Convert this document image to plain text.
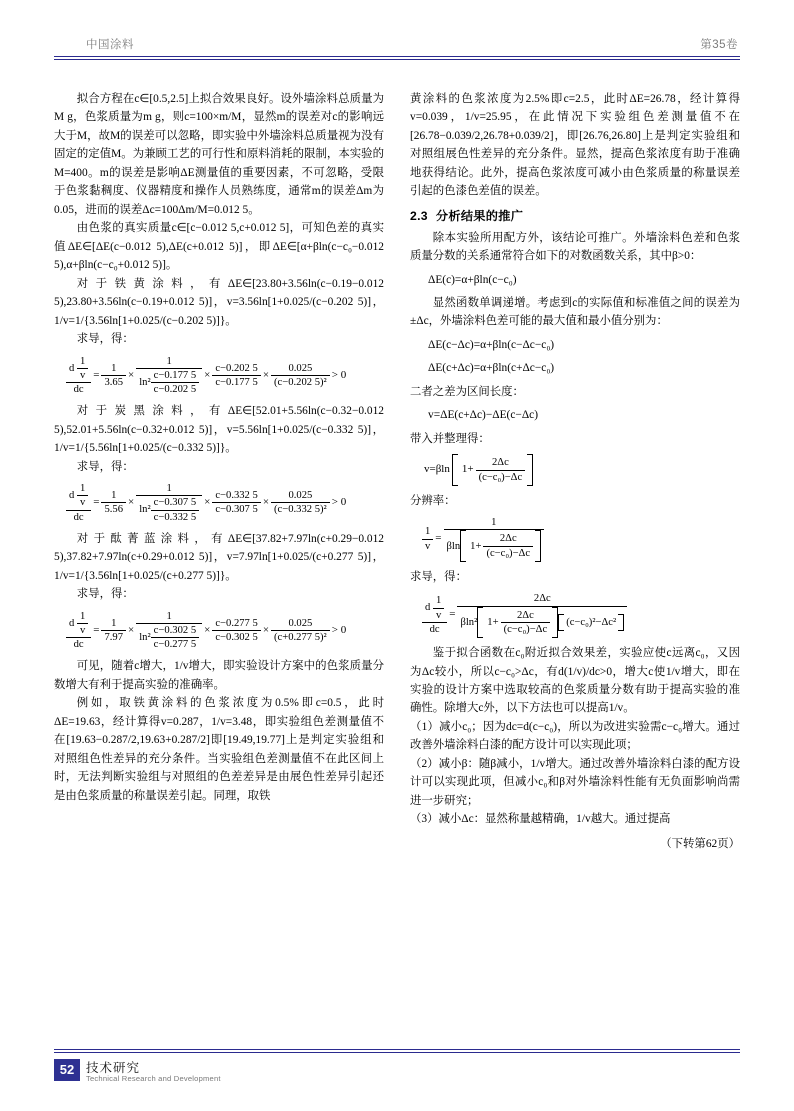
中国涂料	第35卷

拟合方程在c∈[0.5,2.5]上拟合效果良好。设外墙涂料总质量为M g，色浆质量为m g，则c=100×m/M，显然m的误差对c的影响远大于M，故M的误差可以忽略，即实验中外墙涂料总质量视为没有固定的定值M。为兼顾工艺的可行性和原料消耗的限制，本实验的M=400。m的误差是影响ΔE测量值的重要因素，不可忽略，受限于色浆黏稠度、仪器精度和操作人员熟练度，通常m的误差Δm为0.05，进而的误差Δc=100Δm/M=0.012 5。

由色浆的真实质量c∈[c−0.012 5,c+0.012 5]，可知色差的真实值ΔE∈[ΔE(c−0.012 5),ΔE(c+0.012 5)]，即ΔE∈[α+βln(c−c₀−0.012 5),α+βln(c−c₀+0.012 5)]。

对于铁黄涂料，有ΔE∈[23.80+3.56ln(c−0.19−0.012 5),23.80+3.56ln(c−0.19+0.012 5)]，v=3.56ln[1+0.025/(c−0.202 5)]，1/v=1/{3.56ln[1+0.025/(c−0.202 5)]}。

求导，得：

$\frac{d \frac{1}{v}}{dc} = \frac{1}{3.65} \times \frac{1}{\ln^2 \frac{c-0.177 5}{c-0.202 5}} \times \frac{c-0.202 5}{c-0.177 5} \times \frac{0.025}{\text{(c−0.202 5)²}} > 0$

对于炭黑涂料，有ΔE∈[52.01+5.56ln(c−0.32−0.012 5),52.01+5.56ln(c−0.32+0.012 5)]，v=5.56ln[1+0.025/(c−0.332 5)]，1/v=1/{5.56ln[1+0.025/(c−0.332 5)]}。

求导，得：

$\frac{d \frac{1}{v}}{dc} = \frac{1}{5.56} \times \frac{1}{\ln^2 \frac{c-0.307 5}{c-0.332 5}} \times \frac{c-0.332 5}{c-0.307 5} \times \frac{0.025}{\text{(c−0.332 5)²}} > 0$

对于酞菁蓝涂料，有ΔE∈[37.82+7.97ln(c+0.29−0.012 5),37.82+7.97ln(c+0.29+0.012 5)]，v=7.97ln[1+0.025/(c+0.277 5)]，1/v=1/{3.56ln[1+0.025/(c+0.277 5)]}。

求导，得：

$\frac{d \frac{1}{v}}{dc} = \frac{1}{7.97} \times \frac{1}{\ln^2 \frac{c-0.302 5}{c-0.277 5}} \times \frac{c-0.277 5}{c-0.302 5} \times \frac{0.025}{\text{(c+0.277 5)²}} > 0$

可见，随着c增大，1/v增大，即实验设计方案中的色浆质量分数增大有利于提高实验的准确率。

例如，取铁黄涂料的色浆浓度为0.5%即c=0.5，此时ΔE=19.63，经计算得v=0.287，1/v=3.48，即实验组色差测量值不在[19.63−0.287/2,19.63+0.287/2]即[19.49,19.77]上是判定实验组和对照组色性差异的充分条件。当实验组色差测量值不在此区间上时，无法判断实验组与对照组的色差差异是由展色性差异引起还是由色浆质量的称量误差引起。同理，取铁

黄涂料的色浆浓度为2.5%即c=2.5，此时ΔE=26.78，经计算得v=0.039，1/v=25.95，在此情况下实验组色差测量值不在[26.78−0.039/2,26.78+0.039/2]，即[26.76,26.80]上是判定实验组和对照组展色性差异的充分条件。显然，提高色浆浓度有助于准确地获得结论。此外，提高色浆浓度可减小由色浆质量的称量误差引起的色漆色差值的误差。

2.3 分析结果的推广

除本实验所用配方外，该结论可推广。外墙涂料色差和色浆质量分数的关系通常符合如下的对数函数关系，其中β>0：

ΔE(c)=α+βln(c−c₀)

显然函数单调递增。考虑到c的实际值和标准值之间的误差为±Δc，外墙涂料色差可能的最大值和最小值分别为：

ΔE(c−Δc)=α+βln(c−Δc−c₀)
ΔE(c+Δc)=α+βln(c+Δc−c₀)

二者之差为区间长度：

v=ΔE(c+Δc)−ΔE(c−Δc)

带入并整理得：

v=βln $1+ \frac{2\Delta c}{\text{(c−c₀)−Δc}}$

分辨率：

$\frac{1}{v}$ =
1
βln $1+ \frac{2\Delta c}{\text{(c−c₀)−Δc}}$

求导，得：

$\frac{d \frac{1}{v}}{dc}$ =
2Δc
βln² $1+ \frac{2\Delta c}{\text{(c−c₀)−Δc}} (c-c_0)^2-\Delta c^2$

鉴于拟合函数在c₀附近拟合效果差，实验应使c远离c₀，又因为Δc较小，所以c−c₀>Δc，有d(1/v)/dc>0，增大c使1/v增大，即在实验的设计方案中选取较高的色浆质量分数有助于提高实验的准确性。除增大c外，以下方法也可以提高1/v。

（1）减小c₀；因为dc=d(c−c₀)，所以为改进实验需c−c₀增大。通过改善外墙涂料白漆的配方设计可以实现此项；

（2）减小β：随β减小，1/v增大。通过改善外墙涂料白漆的配方设计可以实现此项，但减小c₀和β对外墙涂料性能有无负面影响尚需进一步研究；

（3）减小Δc：显然称量越精确，1/v越大。通过提高

（下转第62页）
52 技术研究
Technical Research and Development
